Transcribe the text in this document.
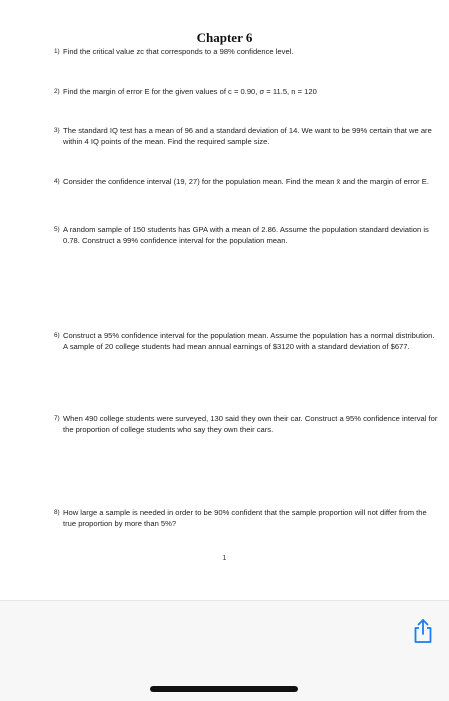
Chapter 6
1) Find the critical value zᴄ that corresponds to a 98% confidence level.
2) Find the margin of error E for the given values of c = 0.90, σ = 11.5, n = 120
3) The standard IQ test has a mean of 96 and a standard deviation of 14. We want to be 99% certain that we are within 4 IQ points of the mean. Find the required sample size.
4) Consider the confidence interval (19, 27) for the population mean. Find the mean x̄ and the margin of error E.
5) A random sample of 150 students has GPA with a mean of 2.86. Assume the population standard deviation is 0.78. Construct a 99% confidence interval for the population mean.
6) Construct a 95% confidence interval for the population mean. Assume the population has a normal distribution. A sample of 20 college students had mean annual earnings of $3120 with a standard deviation of $677.
7) When 490 college students were surveyed, 130 said they own their car. Construct a 95% confidence interval for the proportion of college students who say they own their cars.
8) How large a sample is needed in order to be 90% confident that the sample proportion will not differ from the true proportion by more than 5%?
1
